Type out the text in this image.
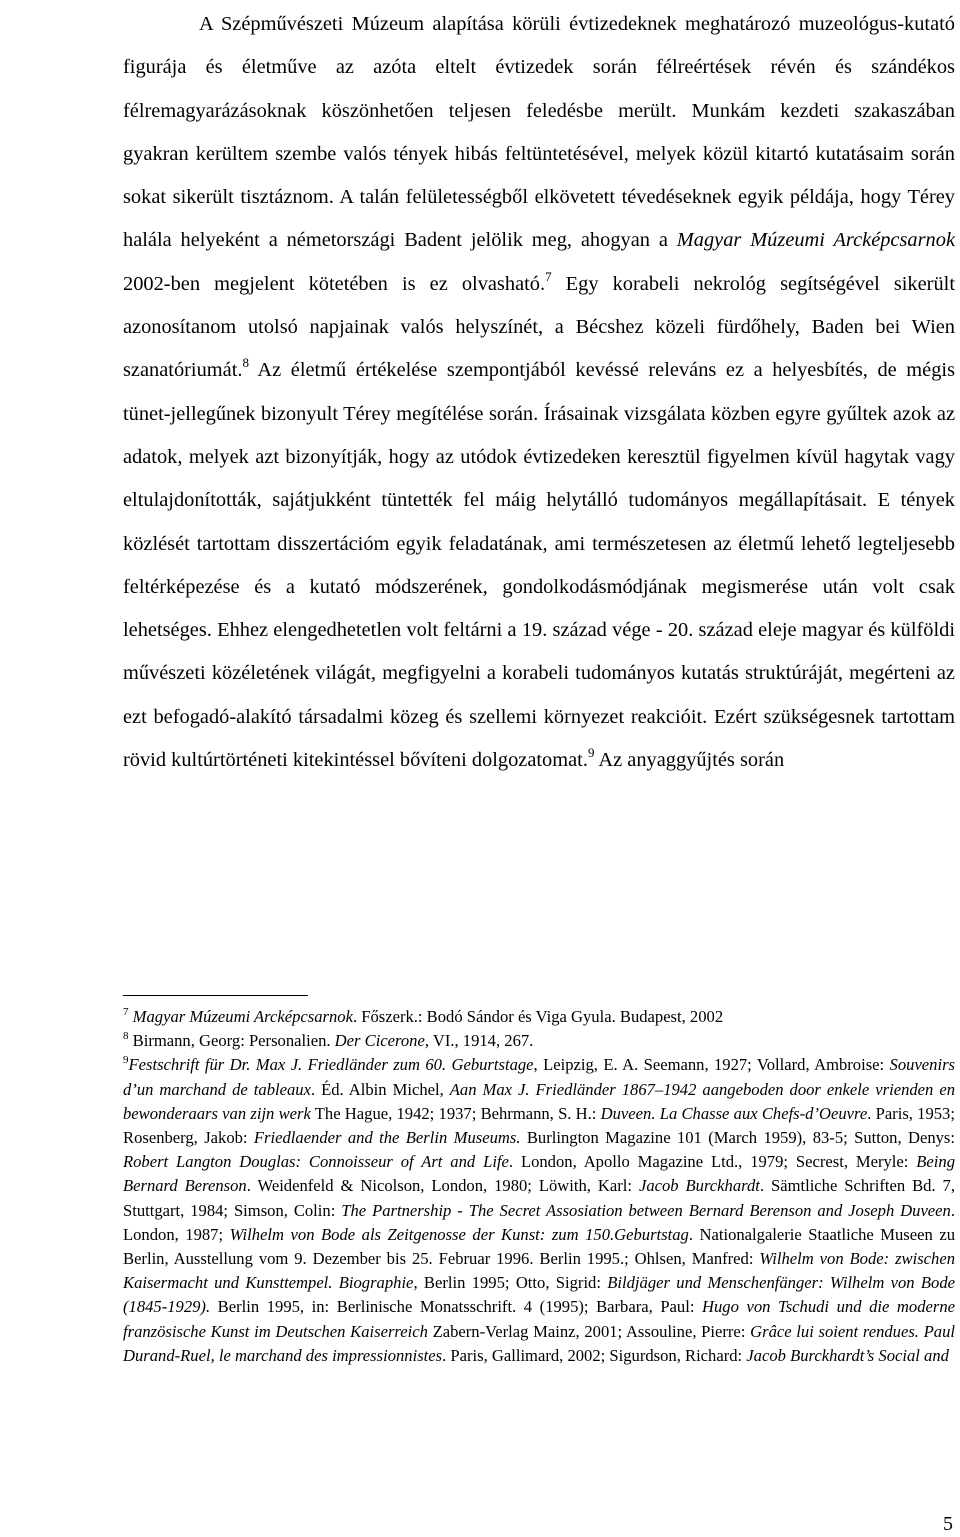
A Szépművészeti Múzeum alapítása körüli évtizedeknek meghatározó muzeológus-kutató figurája és életműve az azóta eltelt évtizedek során félreértések révén és szándékos félremagyarázásoknak köszönhetően teljesen feledésbe merült. Munkám kezdeti szakaszában gyakran kerültem szembe valós tények hibás feltüntetésével, melyek közül kitartó kutatásaim során sokat sikerült tisztáznom. A talán felületességből elkövetett tévedéseknek egyik példája, hogy Térey halála helyeként a németországi Badent jelölik meg, ahogyan a Magyar Múzeumi Arcképcsarnok 2002-ben megjelent kötetében is ez olvasható.$^7$ Egy korabeli nekrológ segítségével sikerült azonosítanom utolsó napjainak valós helyszínét, a Bécshez közeli fürdőhely, Baden bei Wien szanatóriumát.$^8$ Az életmű értékelése szempontjából kevéssé releváns ez a helyesbítés, de mégis tünet-jellegűnek bizonyult Térey megítélése során. Írásainak vizsgálata közben egyre gyűltek azok az adatok, melyek azt bizonyítják, hogy az utódok évtizedeken keresztül figyelmen kívül hagytak vagy eltulajdonították, sajátjukként tüntették fel máig helytálló tudományos megállapításait. E tények közlését tartottam disszertációm egyik feladatának, ami természetesen az életmű lehető legteljesebb feltérképezése és a kutató módszerének, gondolkodásmódjának megismerése után volt csak lehetséges. Ehhez elengedhetetlen volt feltárni a 19. század vége - 20. század eleje magyar és külföldi művészeti közéletének világát, megfigyelni a korabeli tudományos kutatás struktúráját, megérteni az ezt befogadó-alakító társadalmi közeg és szellemi környezet reakcióit. Ezért szükségesnek tartottam rövid kultúrtörténeti kitekintéssel bővíteni dolgozatomat.$^9$ Az anyaggyűjtés során

$^7$ Magyar Múzeumi Arcképcsarnok. Főszerk.: Bodó Sándor és Viga Gyula. Budapest, 2002

$^8$ Birmann, Georg: Personalien. Der Cicerone, VI., 1914, 267.

$^9$Festschrift für Dr. Max J. Friedländer zum 60. Geburtstage, Leipzig, E. A. Seemann, 1927; Vollard, Ambroise: Souvenirs d’un marchand de tableaux. Éd. Albin Michel, Aan Max J. Friedländer 1867–1942 aangeboden door enkele vrienden en bewonderaars van zijn werk The Hague, 1942; 1937; Behrmann, S. H.: Duveen. La Chasse aux Chefs-d’Oeuvre. Paris, 1953; Rosenberg, Jakob: Friedlaender and the Berlin Museums. Burlington Magazine 101 (March 1959), 83-5; Sutton, Denys: Robert Langton Douglas: Connoisseur of Art and Life. London, Apollo Magazine Ltd., 1979; Secrest, Meryle: Being Bernard Berenson. Weidenfeld & Nicolson, London, 1980; Löwith, Karl: Jacob Burckhardt. Sämtliche Schriften Bd. 7, Stuttgart, 1984; Simson, Colin: The Partnership - The Secret Assosiation between Bernard Berenson and Joseph Duveen. London, 1987; Wilhelm von Bode als Zeitgenosse der Kunst: zum 150.Geburtstag. Nationalgalerie Staatliche Museen zu Berlin, Ausstellung vom 9. Dezember bis 25. Februar 1996. Berlin 1995.; Ohlsen, Manfred: Wilhelm von Bode: zwischen Kaisermacht und Kunsttempel. Biographie, Berlin 1995; Otto, Sigrid: Bildjäger und Menschenfänger: Wilhelm von Bode (1845-1929). Berlin 1995, in: Berlinische Monatsschrift. 4 (1995); Barbara, Paul: Hugo von Tschudi und die moderne französische Kunst im Deutschen Kaiserreich Zabern-Verlag Mainz, 2001; Assouline, Pierre: Grâce lui soient rendues. Paul Durand-Ruel, le marchand des impressionnistes. Paris, Gallimard, 2002; Sigurdson, Richard: Jacob Burckhardt’s Social and

5
